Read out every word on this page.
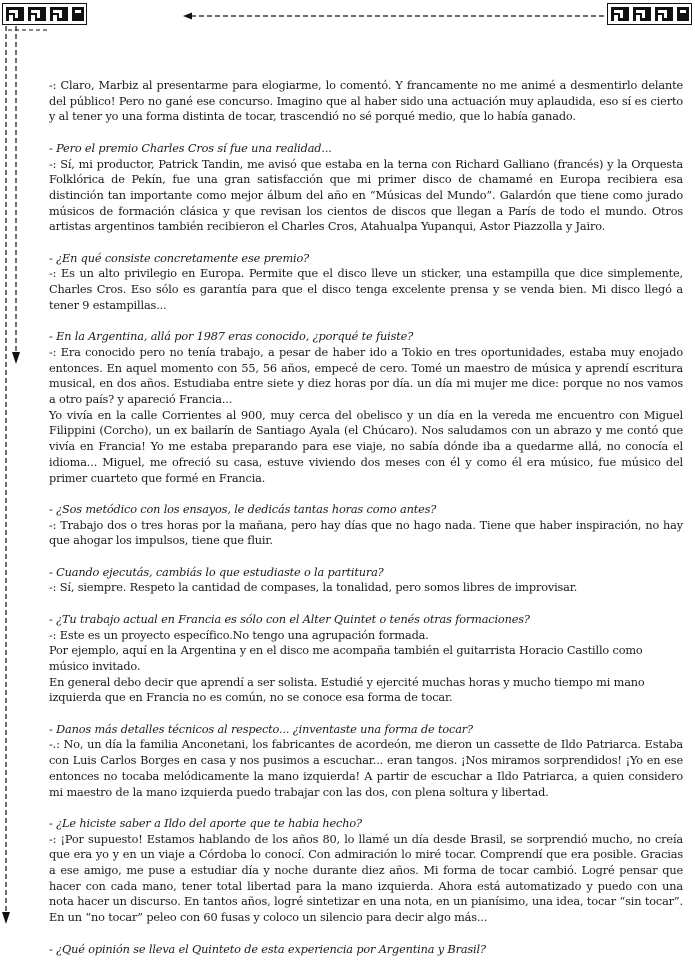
-: Claro, Marbiz al presentarme para elogiarme, lo comentó. Y francamente no me animé a desmentirlo delante del público! Pero no gané ese concurso. Imagino que al haber sido una actuación muy aplaudida, eso sí es cierto y al tener yo una forma distinta de tocar, trascendió no sé porqué medio, que lo había ganado.

- Pero el premio Charles Cros sí fue una realidad...

-: Sí, mi productor, Patrick Tandin, me avisó que estaba en la terna con Richard Galliano (francés) y la Orquesta Folklórica de Pekín, fue una gran satisfacción que mi primer disco de chamamé en Europa recibiera esa distinción tan importante como mejor álbum del año en “Músicas del Mundo”. Galardón que tiene como jurado músicos de formación clásica y que revisan los cientos de discos que llegan a París de todo el mundo. Otros artistas argentinos también recibieron el Charles Cros, Atahualpa Yupanqui, Astor Piazzolla y Jairo.

- ¿En qué consiste concretamente ese premio?

-: Es un alto privilegio en Europa. Permite que el disco lleve un sticker, una estampilla que dice simplemente, Charles Cros. Eso sólo es garantía para que el disco tenga excelente prensa y se venda bien. Mi disco llegó a tener 9 estampillas...

- En la Argentina, allá por 1987 eras conocido, ¿porqué te fuiste?

-: Era conocido pero no tenía trabajo, a pesar de haber ido a Tokio en tres oportunidades, estaba muy enojado entonces. En aquel momento con 55, 56 años, empecé de cero. Tomé un maestro de música y aprendí escritura musical, en dos años. Estudiaba entre siete y diez horas por día. un día mi mujer me dice: porque no nos vamos a otro país? y apareció Francia...

Yo vivía en la calle Corrientes al 900, muy cerca del obelisco y un día en la vereda me encuentro con Miguel Filippini (Corcho), un ex bailarín de Santiago Ayala (el Chúcaro). Nos saludamos con un abrazo y me contó que vivía en Francia! Yo me estaba preparando para ese viaje, no sabía dónde iba a quedarme allá, no conocía el idioma... Miguel, me ofreció su casa, estuve viviendo dos meses con él y como él era músico, fue músico del primer cuarteto que formé en Francia.

- ¿Sos metódico con los ensayos, le dedicás tantas horas como antes?

-: Trabajo dos o tres horas por la mañana, pero hay días que no hago nada. Tiene que haber inspiración, no hay que ahogar los impulsos, tiene que fluir.

- Cuando ejecutás, cambiás lo que estudiaste o la partitura?

-: Sí, siempre. Respeto la cantidad de compases, la tonalidad, pero somos libres de improvisar.

- ¿Tu trabajo actual en Francia es sólo con el Alter Quintet o tenés otras formaciones?

-: Este es un proyecto específico.No tengo una agrupación formada.

Por ejemplo, aquí en la Argentina y en el disco me acompaña también el guitarrista Horacio Castillo como músico invitado.

En general debo decir que aprendí a ser solista. Estudié y ejercité muchas horas y mucho tiempo mi mano izquierda que en Francia no es común, no se conoce esa forma de tocar.

- Danos más detalles técnicos al respecto... ¿inventaste una forma de tocar?

-.: No, un día la familia Anconetani, los fabricantes de acordeón, me dieron un cassette de Ildo Patriarca. Estaba con Luis Carlos Borges en casa y nos pusimos a escuchar... eran tangos. ¡Nos miramos sorprendidos! ¡Yo en ese entonces no tocaba melódicamente la mano izquierda! A partir de escuchar a Ildo Patriarca, a quien considero mi maestro de la mano izquierda puedo trabajar con las dos, con plena soltura y libertad.

- ¿Le hiciste saber a Ildo del aporte que te habia hecho?

-: ¡Por supuesto! Estamos hablando de los años 80, lo llamé un día desde Brasil, se sorprendió mucho, no creía que era yo y en un viaje a Córdoba lo conocí. Con admiración lo miré tocar. Comprendí que era posible. Gracias a ese amigo, me puse a estudiar día y noche durante diez años. Mi forma de tocar cambió. Logré pensar que hacer con cada mano, tener total libertad para la mano izquierda. Ahora está automatizado y puedo con una nota hacer un discurso. En tantos años, logré sintetizar en una nota, en un pianísimo, una idea, tocar “sin tocar”. En un “no tocar” peleo con 60 fusas y coloco un silencio para decir algo más...

- ¿Qué opinión se lleva el Quinteto de esta experiencia por Argentina y Brasil?
